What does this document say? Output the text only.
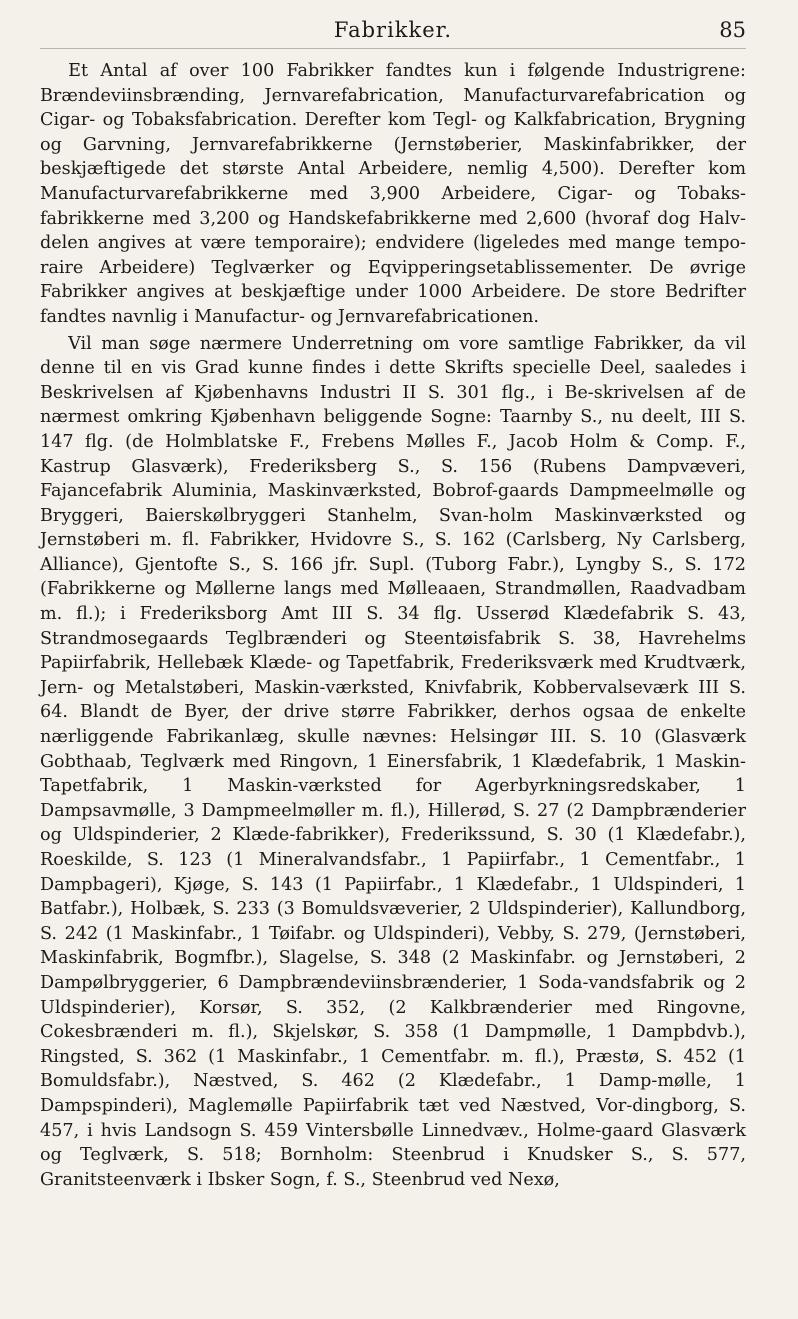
Fabrikker.	85

Et Antal af over 100 Fabrikker fandtes kun i følgende Industrigrene: Brændeviinsbrænding, Jernvarefabrication, Manufacturvarefabrication og Cigar- og Tobaksfabrication. Derefter kom Tegl- og Kalkfabrication, Brygning og Garvning, Jernvarefabrikkerne (Jernstøberier, Maskinfabrikker, der beskjæftigede det største Antal Arbeidere, nemlig 4,500). Derefter kom Manufacturvarefabrikkerne med 3,900 Arbeidere, Cigar- og Tobaks-fabrikkerne med 3,200 og Handskefabrikkerne med 2,600 (hvoraf dog Halv-delen angives at være temporaire); endvidere (ligeledes med mange tempo-raire Arbeidere) Teglværker og Eqvipperingsetablissementer. De øvrige Fabrikker angives at beskjæftige under 1000 Arbeidere. De store Bedrifter fandtes navnlig i Manufactur- og Jernvarefabricationen.

Vil man søge nærmere Underretning om vore samtlige Fabrikker, da vil denne til en vis Grad kunne findes i dette Skrifts specielle Deel, saaledes i Beskrivelsen af Kjøbenhavns Industri II S. 301 flg., i Be-skrivelsen af de nærmest omkring Kjøbenhavn beliggende Sogne: Taarnby S., nu deelt, III S. 147 flg. (de Holmblatske F., Frebens Mølles F., Jacob Holm & Comp. F., Kastrup Glasværk), Frederiksberg S., S. 156 (Rubens Dampvæveri, Fajancefabrik Aluminia, Maskinværksted, Bobrof-gaards Dampmeelmølle og Bryggeri, Baierskølbryggeri Stanhelm, Svan-holm Maskinværksted og Jernstøberi m. fl. Fabrikker, Hvidovre S., S. 162 (Carlsberg, Ny Carlsberg, Alliance), Gjentofte S., S. 166 jfr. Supl. (Tuborg Fabr.), Lyngby S., S. 172 (Fabrikkerne og Møllerne langs med Mølleaaen, Strandmøllen, Raadvadbam m. fl.); i Frederiksborg Amt III S. 34 flg. Usserød Klædefabrik S. 43, Strandmosegaards Teglbrænderi og Steentøisfabrik S. 38, Havrehelms Papiirfabrik, Hellebæk Klæde- og Tapetfabrik, Frederiksværk med Krudtværk, Jern- og Metalstøberi, Maskin-værksted, Knivfabrik, Kobbervalseværk III S. 64. Blandt de Byer, der drive større Fabrikker, derhos ogsaa de enkelte nærliggende Fabrikanlæg, skulle nævnes: Helsingør III. S. 10 (Glasværk Gobthaab, Teglværk med Ringovn, 1 Einersfabrik, 1 Klædefabrik, 1 Maskin-Tapetfabrik, 1 Maskin-værksted for Agerbyrkningsredskaber, 1 Dampsavmølle, 3 Dampmeelmøller m. fl.), Hillerød, S. 27 (2 Dampbrænderier og Uldspinderier, 2 Klæde-fabrikker), Frederikssund, S. 30 (1 Klædefabr.), Roeskilde, S. 123 (1 Mineralvandsfabr., 1 Papiirfabr., 1 Cementfabr., 1 Dampbageri), Kjøge, S. 143 (1 Papiirfabr., 1 Klædefabr., 1 Uldspinderi, 1 Batfabr.), Holbæk, S. 233 (3 Bomuldsvæverier, 2 Uldspinderier), Kallundborg, S. 242 (1 Maskinfabr., 1 Tøifabr. og Uldspinderi), Vebby, S. 279, (Jernstøberi, Maskinfabrik, Bogmfbr.), Slagelse, S. 348 (2 Maskinfabr. og Jernstøberi, 2 Dampølbryggerier, 6 Dampbrændeviinsbrænderier, 1 Soda-vandsfabrik og 2 Uldspinderier), Korsør, S. 352, (2 Kalkbrænderier med Ringovne, Cokesbrænderi m. fl.), Skjelskør, S. 358 (1 Dampmølle, 1 Dampbdvb.), Ringsted, S. 362 (1 Maskinfabr., 1 Cementfabr. m. fl.), Præstø, S. 452 (1 Bomuldsfabr.), Næstved, S. 462 (2 Klædefabr., 1 Damp-mølle, 1 Dampspinderi), Maglemølle Papiirfabrik tæt ved Næstved, Vor-dingborg, S. 457, i hvis Landsogn S. 459 Vintersbølle Linnedvæv., Holme-gaard Glasværk og Teglværk, S. 518; Bornholm: Steenbrud i Knudsker S., S. 577, Granitsteenværk i Ibsker Sogn, f. S., Steenbrud ved Nexø,
